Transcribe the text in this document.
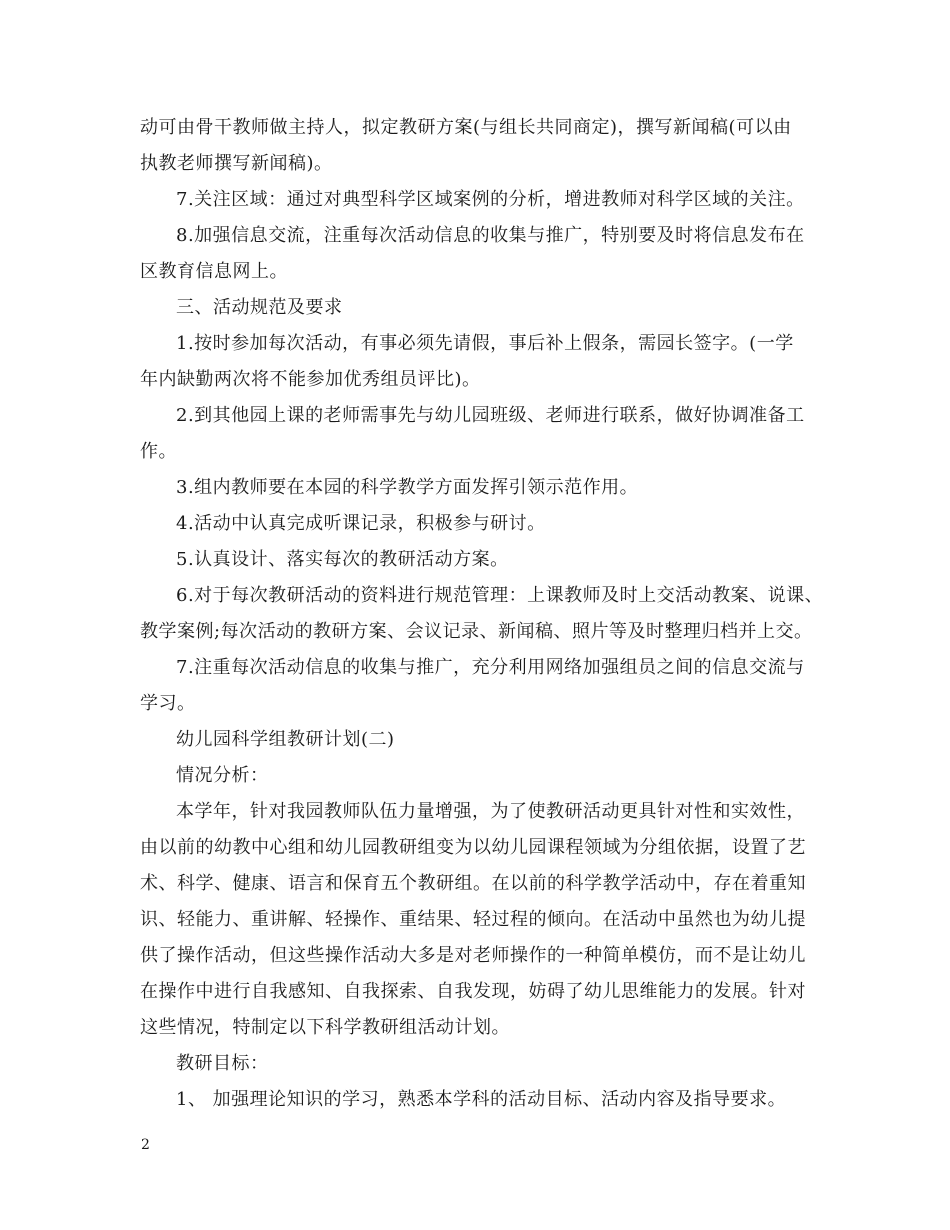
动可由骨干教师做主持人，拟定教研方案(与组长共同商定)，撰写新闻稿(可以由
执教老师撰写新闻稿)。
7.关注区域：通过对典型科学区域案例的分析，增进教师对科学区域的关注。
8.加强信息交流，注重每次活动信息的收集与推广，特别要及时将信息发布在
区教育信息网上。
三、活动规范及要求
1.按时参加每次活动，有事必须先请假，事后补上假条，需园长签字。(一学
年内缺勤两次将不能参加优秀组员评比)。
2.到其他园上课的老师需事先与幼儿园班级、老师进行联系，做好协调准备工
作。
3.组内教师要在本园的科学教学方面发挥引领示范作用。
4.活动中认真完成听课记录，积极参与研讨。
5.认真设计、落实每次的教研活动方案。
6.对于每次教研活动的资料进行规范管理：上课教师及时上交活动教案、说课、
教学案例;每次活动的教研方案、会议记录、新闻稿、照片等及时整理归档并上交。
7.注重每次活动信息的收集与推广，充分利用网络加强组员之间的信息交流与
学习。
幼儿园科学组教研计划(二)
情况分析：
本学年，针对我园教师队伍力量增强，为了使教研活动更具针对性和实效性，
由以前的幼教中心组和幼儿园教研组变为以幼儿园课程领域为分组依据，设置了艺
术、科学、健康、语言和保育五个教研组。在以前的科学教学活动中，存在着重知
识、轻能力、重讲解、轻操作、重结果、轻过程的倾向。在活动中虽然也为幼儿提
供了操作活动，但这些操作活动大多是对老师操作的一种简单模仿，而不是让幼儿
在操作中进行自我感知、自我探索、自我发现，妨碍了幼儿思维能力的发展。针对
这些情况，特制定以下科学教研组活动计划。
教研目标：
1、 加强理论知识的学习，熟悉本学科的活动目标、活动内容及指导要求。
2
